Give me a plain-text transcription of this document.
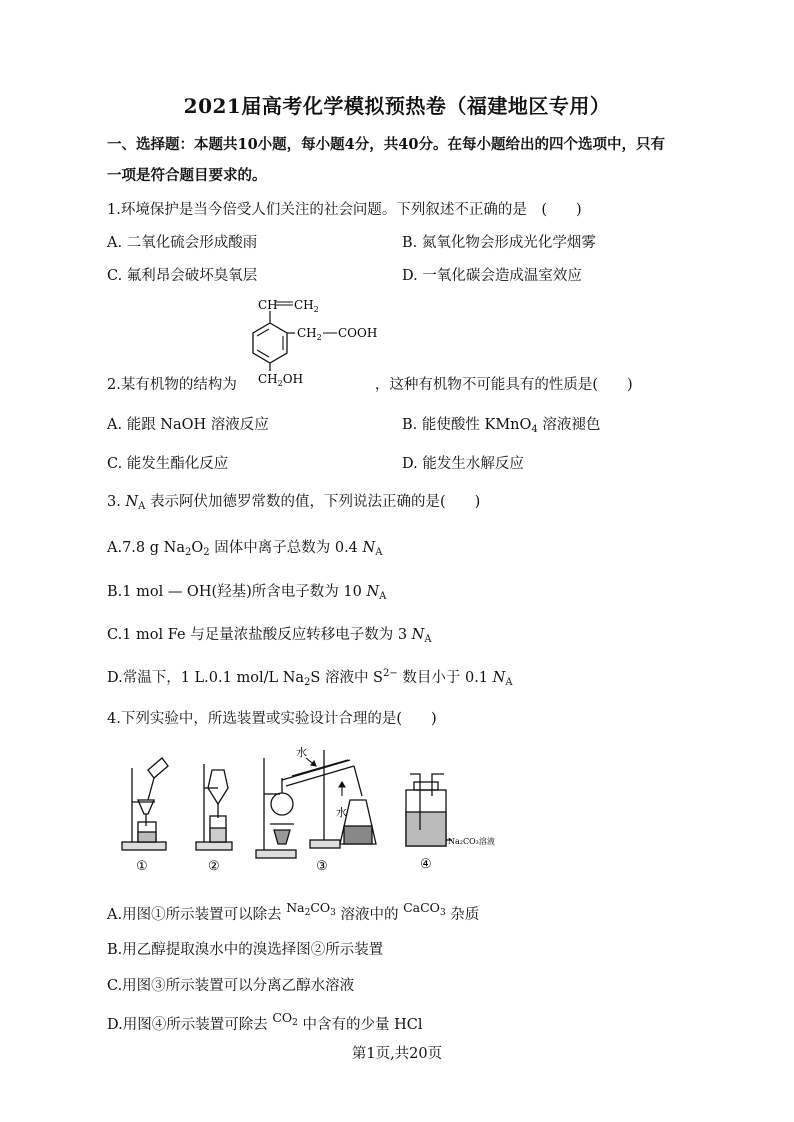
2021届高考化学模拟预热卷（福建地区专用）
一、选择题：本题共10小题，每小题4分，共40分。在每小题给出的四个选项中，只有
一项是符合题目要求的。
1.环境保护是当今倍受人们关注的社会问题。下列叙述不正确的是　(　　)
A. 二氧化硫会形成酸雨	B. 氮氧化物会形成光化学烟雾
C. 氟利昂会破坏臭氧层	D. 一氧化碳会造成温室效应
CH $CH_2$
$CH_2$ COOH
$CH_2OH$
2.某有机物的结构为	，这种有机物不可能具有的性质是(　　)
A. 能跟 NaOH 溶液反应	B. 能使酸性 KMnO$_4$ 溶液褪色
C. 能发生酯化反应	D. 能发生水解反应
3. $N_A$ 表示阿伏加德罗常数的值，下列说法正确的是(　　)
A.7.8 g $Na_2O_2$ 固体中离子总数为 0.4 $N_A$
B.1 mol — OH(羟基)所含电子数为 10 $N_A$
C.1 mol Fe 与足量浓盐酸反应转移电子数为 3 $N_A$
D.常温下，1 L.0.1 mol/L $Na_2S$ 溶液中 $S^{2-}$ 数目小于 0.1 $N_A$
4.下列实验中，所选装置或实验设计合理的是(　　)
水
水
Na₂CO₃溶液
①	②	③	④
A.用图①所示装置可以除去 $Na_2CO_3$ 溶液中的 CaCO$_3$ 杂质
B.用乙醇提取溴水中的溴选择图②所示装置
C.用图③所示装置可以分离乙醇水溶液
D.用图④所示装置可除去 $CO_2$ 中含有的少量 HCl
第1页,共20页
